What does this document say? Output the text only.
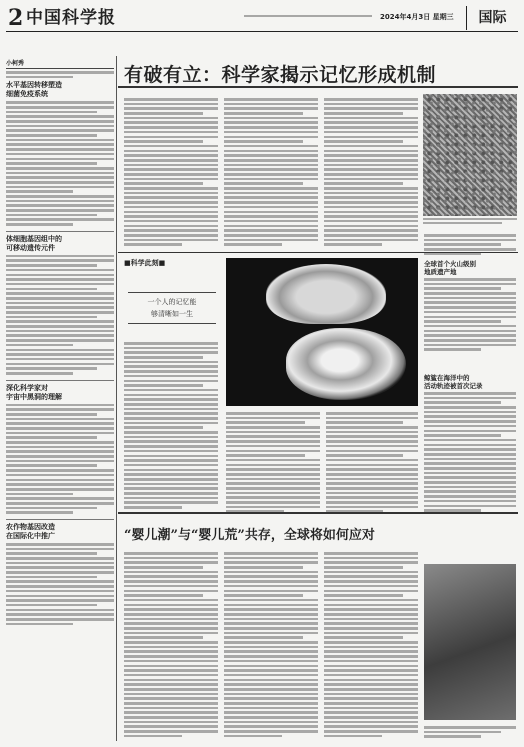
2 中国科学报	2024年4月3日 星期三	国际
小柯秀
水平基因转移塑造
细菌免疫系统
体细胞基因组中的
可移动遗传元件
深化科学家对
宇宙中黑洞的理解
农作物基因改造
在国际化中推广
有破有立：科学家揭示记忆形成机制
■科学此刻■
一个人的记忆能
够清晰如一生
全球首个火山级别
地质遗产地
鲸鲨在海洋中的
活动轨迹被首次记录
“婴儿潮”与“婴儿荒”共存，全球将如何应对
